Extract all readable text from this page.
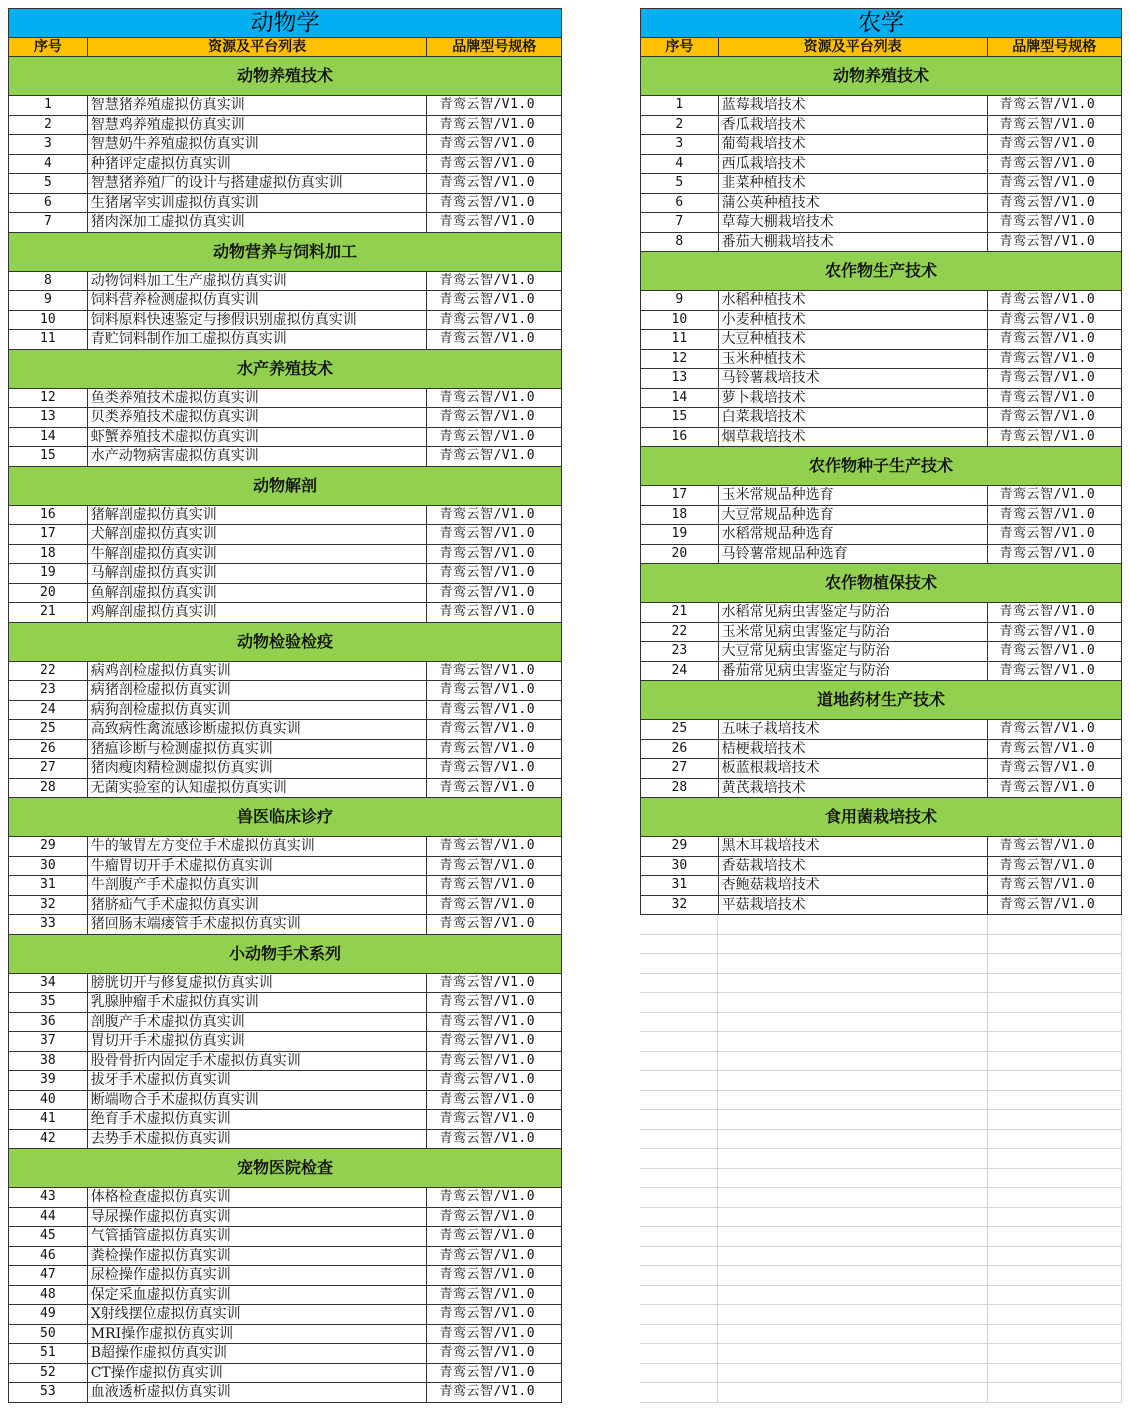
动物学
序号	资源及平台列表	品牌型号规格
动物养殖技术
1	智慧猪养殖虚拟仿真实训	青鸾云智/V1.0
2	智慧鸡养殖虚拟仿真实训	青鸾云智/V1.0
3	智慧奶牛养殖虚拟仿真实训	青鸾云智/V1.0
4	种猪评定虚拟仿真实训	青鸾云智/V1.0
5	智慧猪养殖厂的设计与搭建虚拟仿真实训	青鸾云智/V1.0
6	生猪屠宰实训虚拟仿真实训	青鸾云智/V1.0
7	猪肉深加工虚拟仿真实训	青鸾云智/V1.0
动物营养与饲料加工
8	动物饲料加工生产虚拟仿真实训	青鸾云智/V1.0
9	饲料营养检测虚拟仿真实训	青鸾云智/V1.0
10	饲料原料快速鉴定与掺假识别虚拟仿真实训	青鸾云智/V1.0
11	青贮饲料制作加工虚拟仿真实训	青鸾云智/V1.0
水产养殖技术
12	鱼类养殖技术虚拟仿真实训	青鸾云智/V1.0
13	贝类养殖技术虚拟仿真实训	青鸾云智/V1.0
14	虾蟹养殖技术虚拟仿真实训	青鸾云智/V1.0
15	水产动物病害虚拟仿真实训	青鸾云智/V1.0
动物解剖
16	猪解剖虚拟仿真实训	青鸾云智/V1.0
17	犬解剖虚拟仿真实训	青鸾云智/V1.0
18	牛解剖虚拟仿真实训	青鸾云智/V1.0
19	马解剖虚拟仿真实训	青鸾云智/V1.0
20	鱼解剖虚拟仿真实训	青鸾云智/V1.0
21	鸡解剖虚拟仿真实训	青鸾云智/V1.0
动物检验检疫
22	病鸡剖检虚拟仿真实训	青鸾云智/V1.0
23	病猪剖检虚拟仿真实训	青鸾云智/V1.0
24	病狗剖检虚拟仿真实训	青鸾云智/V1.0
25	高致病性禽流感诊断虚拟仿真实训	青鸾云智/V1.0
26	猪瘟诊断与检测虚拟仿真实训	青鸾云智/V1.0
27	猪肉瘦肉精检测虚拟仿真实训	青鸾云智/V1.0
28	无菌实验室的认知虚拟仿真实训	青鸾云智/V1.0
兽医临床诊疗
29	牛的皱胃左方变位手术虚拟仿真实训	青鸾云智/V1.0
30	牛瘤胃切开手术虚拟仿真实训	青鸾云智/V1.0
31	牛剖腹产手术虚拟仿真实训	青鸾云智/V1.0
32	猪脐疝气手术虚拟仿真实训	青鸾云智/V1.0
33	猪回肠末端瘘管手术虚拟仿真实训	青鸾云智/V1.0
小动物手术系列
34	膀胱切开与修复虚拟仿真实训	青鸾云智/V1.0
35	乳腺肿瘤手术虚拟仿真实训	青鸾云智/V1.0
36	剖腹产手术虚拟仿真实训	青鸾云智/V1.0
37	胃切开手术虚拟仿真实训	青鸾云智/V1.0
38	股骨骨折内固定手术虚拟仿真实训	青鸾云智/V1.0
39	拔牙手术虚拟仿真实训	青鸾云智/V1.0
40	断端吻合手术虚拟仿真实训	青鸾云智/V1.0
41	绝育手术虚拟仿真实训	青鸾云智/V1.0
42	去势手术虚拟仿真实训	青鸾云智/V1.0
宠物医院检查
43	体格检查虚拟仿真实训	青鸾云智/V1.0
44	导尿操作虚拟仿真实训	青鸾云智/V1.0
45	气管插管虚拟仿真实训	青鸾云智/V1.0
46	粪检操作虚拟仿真实训	青鸾云智/V1.0
47	尿检操作虚拟仿真实训	青鸾云智/V1.0
48	保定采血虚拟仿真实训	青鸾云智/V1.0
49	X射线摆位虚拟仿真实训	青鸾云智/V1.0
50	MRI操作虚拟仿真实训	青鸾云智/V1.0
51	B超操作虚拟仿真实训	青鸾云智/V1.0
52	CT操作虚拟仿真实训	青鸾云智/V1.0
53	血液透析虚拟仿真实训	青鸾云智/V1.0
农学
序号	资源及平台列表	品牌型号规格
动物养殖技术
1	蓝莓栽培技术	青鸾云智/V1.0
2	香瓜栽培技术	青鸾云智/V1.0
3	葡萄栽培技术	青鸾云智/V1.0
4	西瓜栽培技术	青鸾云智/V1.0
5	韭菜种植技术	青鸾云智/V1.0
6	蒲公英种植技术	青鸾云智/V1.0
7	草莓大棚栽培技术	青鸾云智/V1.0
8	番茄大棚栽培技术	青鸾云智/V1.0
农作物生产技术
9	水稻种植技术	青鸾云智/V1.0
10	小麦种植技术	青鸾云智/V1.0
11	大豆种植技术	青鸾云智/V1.0
12	玉米种植技术	青鸾云智/V1.0
13	马铃薯栽培技术	青鸾云智/V1.0
14	萝卜栽培技术	青鸾云智/V1.0
15	白菜栽培技术	青鸾云智/V1.0
16	烟草栽培技术	青鸾云智/V1.0
农作物种子生产技术
17	玉米常规品种选育	青鸾云智/V1.0
18	大豆常规品种选育	青鸾云智/V1.0
19	水稻常规品种选育	青鸾云智/V1.0
20	马铃薯常规品种选育	青鸾云智/V1.0
农作物植保技术
21	水稻常见病虫害鉴定与防治	青鸾云智/V1.0
22	玉米常见病虫害鉴定与防治	青鸾云智/V1.0
23	大豆常见病虫害鉴定与防治	青鸾云智/V1.0
24	番茄常见病虫害鉴定与防治	青鸾云智/V1.0
道地药材生产技术
25	五味子栽培技术	青鸾云智/V1.0
26	桔梗栽培技术	青鸾云智/V1.0
27	板蓝根栽培技术	青鸾云智/V1.0
28	黄芪栽培技术	青鸾云智/V1.0
食用菌栽培技术
29	黑木耳栽培技术	青鸾云智/V1.0
30	香菇栽培技术	青鸾云智/V1.0
31	杏鲍菇栽培技术	青鸾云智/V1.0
32	平菇栽培技术	青鸾云智/V1.0
